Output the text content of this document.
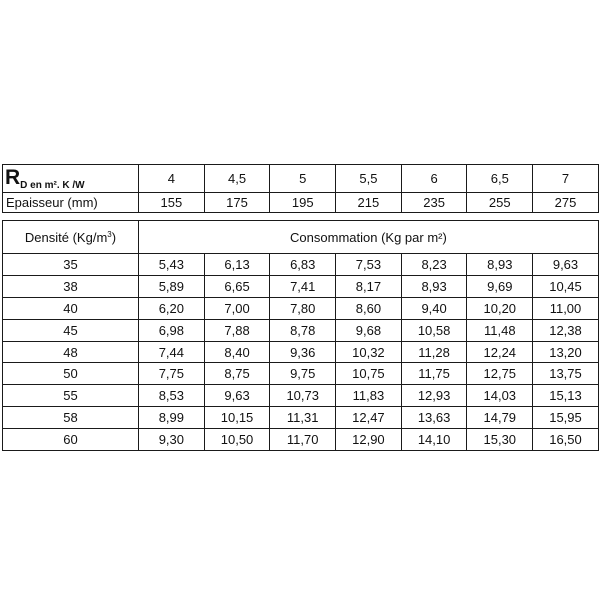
$R_{D en m^2. K /W}$	4	4,5	5	5,5	6	6,5	7
Epaisseur (mm)	155	175	195	215	235	255	275
Densité $(Kg/m^3)$	Consommation (Kg par m²)						
35	5,43	6,13	6,83	7,53	8,23	8,93	9,63
38	5,89	6,65	7,41	8,17	8,93	9,69	10,45
40	6,20	7,00	7,80	8,60	9,40	10,20	11,00
45	6,98	7,88	8,78	9,68	10,58	11,48	12,38
48	7,44	8,40	9,36	10,32	11,28	12,24	13,20
50	7,75	8,75	9,75	10,75	11,75	12,75	13,75
55	8,53	9,63	10,73	11,83	12,93	14,03	15,13
58	8,99	10,15	11,31	12,47	13,63	14,79	15,95
60	9,30	10,50	11,70	12,90	14,10	15,30	16,50
